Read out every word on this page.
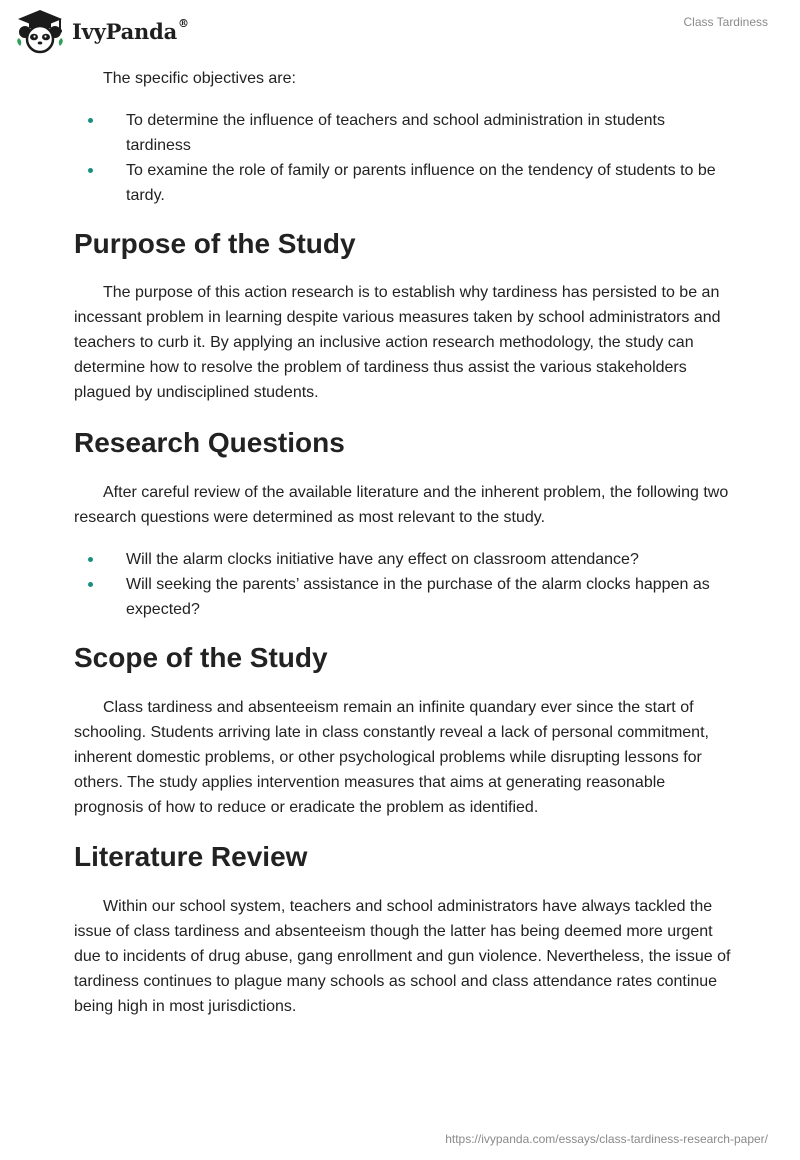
IvyPanda®	Class Tardiness

The specific objectives are:

To determine the influence of teachers and school administration in students tardiness
To examine the role of family or parents influence on the tendency of students to be tardy.
Purpose of the Study

The purpose of this action research is to establish why tardiness has persisted to be an incessant problem in learning despite various measures taken by school administrators and teachers to curb it. By applying an inclusive action research methodology, the study can determine how to resolve the problem of tardiness thus assist the various stakeholders plagued by undisciplined students.

Research Questions

After careful review of the available literature and the inherent problem, the following two research questions were determined as most relevant to the study.

Will the alarm clocks initiative have any effect on classroom attendance?
Will seeking the parents’ assistance in the purchase of the alarm clocks happen as expected?
Scope of the Study

Class tardiness and absenteeism remain an infinite quandary ever since the start of schooling. Students arriving late in class constantly reveal a lack of personal commitment, inherent domestic problems, or other psychological problems while disrupting lessons for others. The study applies intervention measures that aims at generating reasonable prognosis of how to reduce or eradicate the problem as identified.

Literature Review

Within our school system, teachers and school administrators have always tackled the issue of class tardiness and absenteeism though the latter has being deemed more urgent due to incidents of drug abuse, gang enrollment and gun violence. Nevertheless, the issue of tardiness continues to plague many schools as school and class attendance rates continue being high in most jurisdictions.

https://ivypanda.com/essays/class-tardiness-research-paper/
